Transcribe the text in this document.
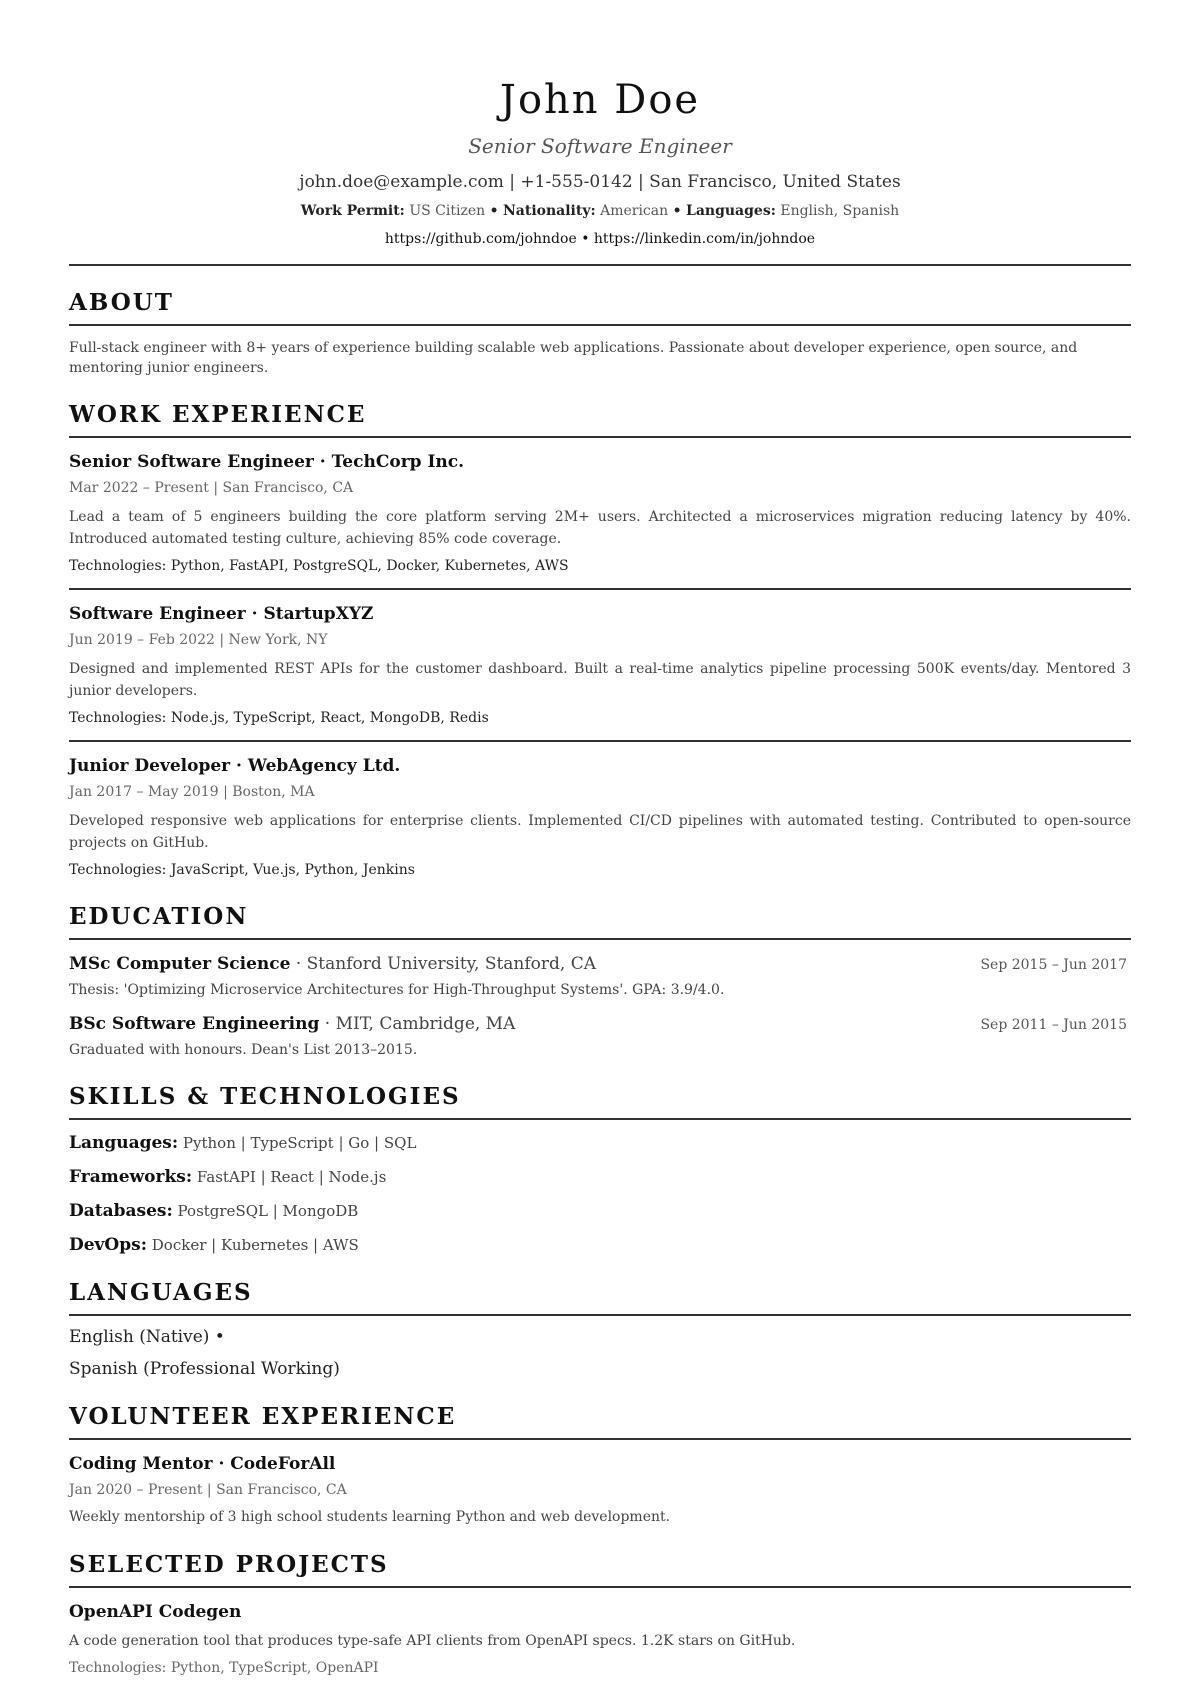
John Doe
Senior Software Engineer
john.doe@example.com | +1-555-0142 | San Francisco, United States
Work Permit: US Citizen • Nationality: American • Languages: English, Spanish
https://github.com/johndoe • https://linkedin.com/in/johndoe
ABOUT
Full-stack engineer with 8+ years of experience building scalable web applications. Passionate about developer experience, open source, and mentoring junior engineers.
WORK EXPERIENCE
Senior Software Engineer · TechCorp Inc.
Mar 2022 – Present | San Francisco, CA
Lead a team of 5 engineers building the core platform serving 2M+ users. Architected a microservices migration reducing latency by 40%. Introduced automated testing culture, achieving 85% code coverage.
Technologies: Python, FastAPI, PostgreSQL, Docker, Kubernetes, AWS
Software Engineer · StartupXYZ
Jun 2019 – Feb 2022 | New York, NY
Designed and implemented REST APIs for the customer dashboard. Built a real-time analytics pipeline processing 500K events/day. Mentored 3 junior developers.
Technologies: Node.js, TypeScript, React, MongoDB, Redis
Junior Developer · WebAgency Ltd.
Jan 2017 – May 2019 | Boston, MA
Developed responsive web applications for enterprise clients. Implemented CI/CD pipelines with automated testing. Contributed to open-source projects on GitHub.
Technologies: JavaScript, Vue.js, Python, Jenkins
EDUCATION
MSc Computer Science · Stanford University, Stanford, CA	Sep 2015 – Jun 2017
Thesis: 'Optimizing Microservice Architectures for High-Throughput Systems'. GPA: 3.9/4.0.
BSc Software Engineering · MIT, Cambridge, MA	Sep 2011 – Jun 2015
Graduated with honours. Dean's List 2013–2015.
SKILLS & TECHNOLOGIES
Languages: Python | TypeScript | Go | SQL
Frameworks: FastAPI | React | Node.js
Databases: PostgreSQL | MongoDB
DevOps: Docker | Kubernetes | AWS
LANGUAGES
English (Native) •
Spanish (Professional Working)
VOLUNTEER EXPERIENCE
Coding Mentor · CodeForAll
Jan 2020 – Present | San Francisco, CA
Weekly mentorship of 3 high school students learning Python and web development.
SELECTED PROJECTS
OpenAPI Codegen
A code generation tool that produces type-safe API clients from OpenAPI specs. 1.2K stars on GitHub.
Technologies: Python, TypeScript, OpenAPI
